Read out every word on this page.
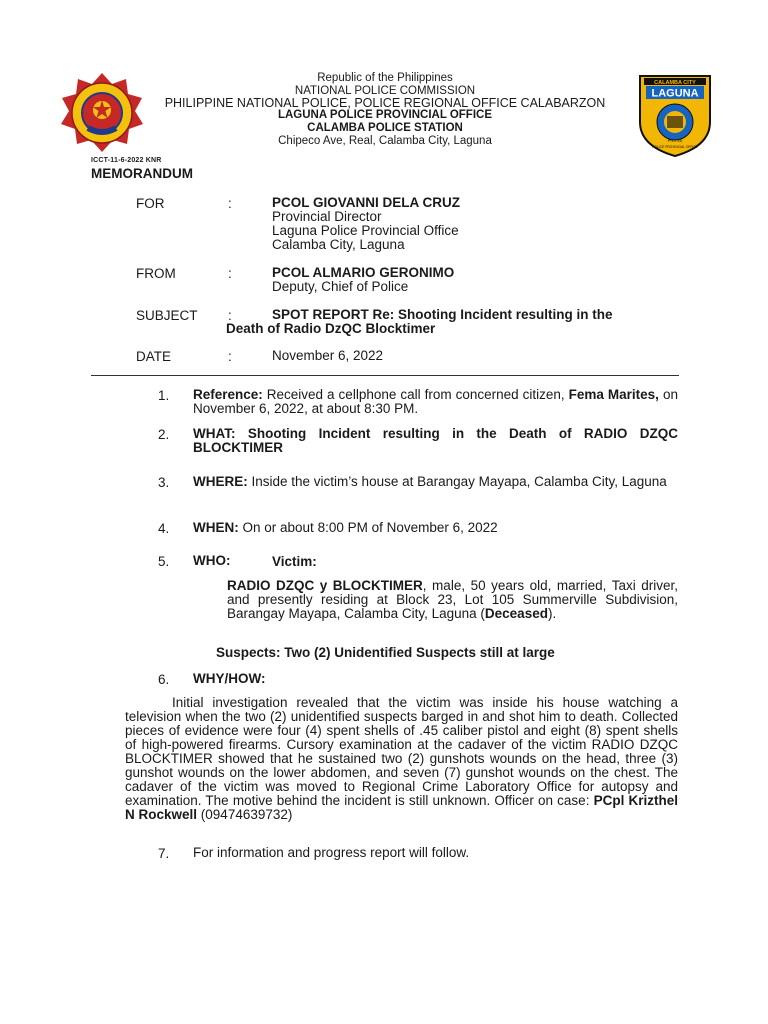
CALAMBA CITY
LAGUNA
PRO 4A
POLICE PROVINCIAL OFFICE
Republic of the Philippines
NATIONAL POLICE COMMISSION
PHILIPPINE NATIONAL POLICE, POLICE REGIONAL OFFICE CALABARZON
LAGUNA POLICE PROVINCIAL OFFICE
CALAMBA POLICE STATION
Chipeco Ave, Real, Calamba City, Laguna
ICCT-11-6-2022 KNR
MEMORANDUM
FOR	:	PCOL GIOVANNI DELA CRUZ
Provincial Director
Laguna Police Provincial Office
Calamba City, Laguna
FROM	:	PCOL ALMARIO GERONIMO
Deputy, Chief of Police
SUBJECT :	SPOT REPORT Re: Shooting Incident resulting in the
Death of Radio DzQC Blocktimer
DATE	:	November 6, 2022
1. Reference: Received a cellphone call from concerned citizen, Fema Marites, on November 6, 2022, at about 8:30 PM.
2. WHAT: Shooting Incident resulting in the Death of RADIO DZQC BLOCKTIMER
3. WHERE: Inside the victim’s house at Barangay Mayapa, Calamba City, Laguna
4. WHEN: On or about 8:00 PM of November 6, 2022
5. WHO:	Victim:
RADIO DZQC y BLOCKTIMER, male, 50 years old, married, Taxi driver, and presently residing at Block 23, Lot 105 Summerville Subdivision, Barangay Mayapa, Calamba City, Laguna (Deceased).
Suspects: Two (2) Unidentified Suspects still at large
6. WHY/HOW:
Initial investigation revealed that the victim was inside his house watching a television when the two (2) unidentified suspects barged in and shot him to death. Collected pieces of evidence were four (4) spent shells of .45 caliber pistol and eight (8) spent shells of high-powered firearms. Cursory examination at the cadaver of the victim RADIO DZQC BLOCKTIMER showed that he sustained two (2) gunshots wounds on the head, three (3) gunshot wounds on the lower abdomen, and seven (7) gunshot wounds on the chest. The cadaver of the victim was moved to Regional Crime Laboratory Office for autopsy and examination. The motive behind the incident is still unknown. Officer on case: PCpl Krizthel N Rockwell (09474639732)
7. For information and progress report will follow.
